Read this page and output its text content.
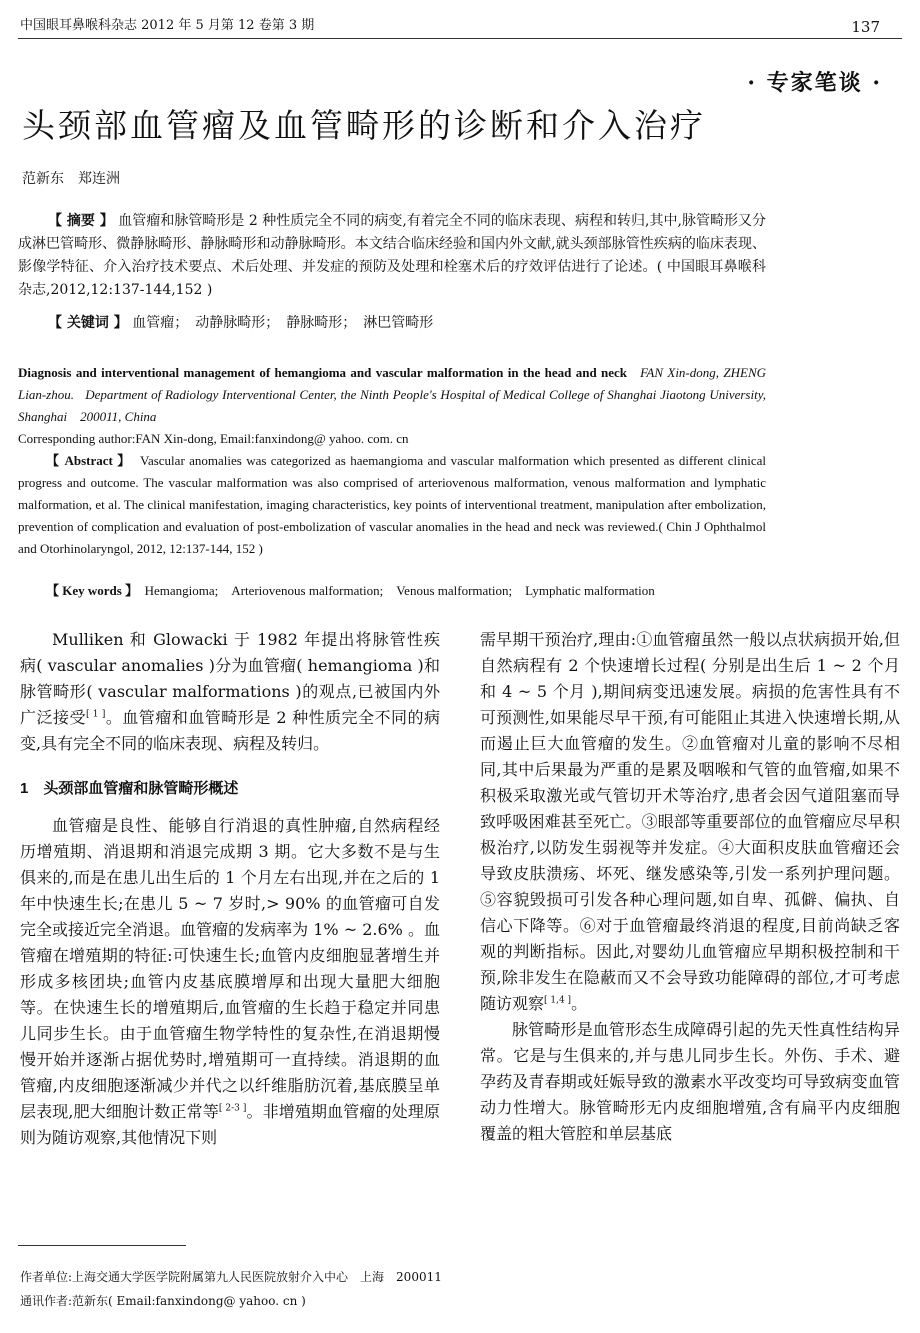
中国眼耳鼻喉科杂志 2012 年 5 月第 12 卷第 3 期	137
· 专家笔谈 ·
头颈部血管瘤及血管畸形的诊断和介入治疗
范新东　郑连洲
【 摘要 】 血管瘤和脉管畸形是 2 种性质完全不同的病变,有着完全不同的临床表现、病程和转归,其中,脉管畸形又分成淋巴管畸形、微静脉畸形、静脉畸形和动静脉畸形。本文结合临床经验和国内外文献,就头颈部脉管性疾病的临床表现、影像学特征、介入治疗技术要点、术后处理、并发症的预防及处理和栓塞术后的疗效评估进行了论述。( 中国眼耳鼻喉科杂志,2012,12:137-144,152 )
【 关键词 】 血管瘤；　动静脉畸形；　静脉畸形；　淋巴管畸形
Diagnosis and interventional management of hemangioma and vascular malformation in the head and neck FAN Xin-dong, ZHENG Lian-zhou. Department of Radiology Interventional Center, the Ninth People's Hospital of Medical College of Shanghai Jiaotong University, Shanghai　200011, China
Corresponding author:FAN Xin-dong, Email:fanxindong@ yahoo. com. cn
【 Abstract 】 Vascular anomalies was categorized as haemangioma and vascular malformation which presented as different clinical progress and outcome. The vascular malformation was also comprised of arteriovenous malformation, venous malformation and lymphatic malformation, et al. The clinical manifestation, imaging characteristics, key points of interventional treatment, manipulation after embolization, prevention of complication and evaluation of post-embolization of vascular anomalies in the head and neck was reviewed.( Chin J Ophthalmol and Otorhinolaryngol, 2012, 12:137-144, 152 )
【 Key words 】 Hemangioma;　Arteriovenous malformation;　Venous malformation;　Lymphatic malformation

Mulliken 和 Glowacki 于 1982 年提出将脉管性疾病( vascular anomalies )分为血管瘤( hemangioma )和脉管畸形( vascular malformations )的观点,已被国内外广泛接受[ 1 ]。血管瘤和血管畸形是 2 种性质完全不同的病变,具有完全不同的临床表现、病程及转归。

1　头颈部血管瘤和脉管畸形概述

血管瘤是良性、能够自行消退的真性肿瘤,自然病程经历增殖期、消退期和消退完成期 3 期。它大多数不是与生俱来的,而是在患儿出生后的 1 个月左右出现,并在之后的 1 年中快速生长;在患儿 5 ~ 7 岁时,> 90% 的血管瘤可自发完全或接近完全消退。血管瘤的发病率为 1% ~ 2.6% 。血管瘤在增殖期的特征:可快速生长;血管内皮细胞显著增生并形成多核团块;血管内皮基底膜增厚和出现大量肥大细胞等。在快速生长的增殖期后,血管瘤的生长趋于稳定并同患儿同步生长。由于血管瘤生物学特性的复杂性,在消退期慢慢开始并逐渐占据优势时,增殖期可一直持续。消退期的血管瘤,内皮细胞逐渐减少并代之以纤维脂肪沉着,基底膜呈单层表现,肥大细胞计数正常等[ 2-3 ]。非增殖期血管瘤的处理原则为随访观察,其他情况下则

需早期干预治疗,理由:①血管瘤虽然一般以点状病损开始,但自然病程有 2 个快速增长过程( 分别是出生后 1 ~ 2 个月和 4 ~ 5 个月 ),期间病变迅速发展。病损的危害性具有不可预测性,如果能尽早干预,有可能阻止其进入快速增长期,从而遏止巨大血管瘤的发生。②血管瘤对儿童的影响不尽相同,其中后果最为严重的是累及咽喉和气管的血管瘤,如果不积极采取激光或气管切开术等治疗,患者会因气道阻塞而导致呼吸困难甚至死亡。③眼部等重要部位的血管瘤应尽早积极治疗,以防发生弱视等并发症。④大面积皮肤血管瘤还会导致皮肤溃疡、坏死、继发感染等,引发一系列护理问题。⑤容貌毁损可引发各种心理问题,如自卑、孤僻、偏执、自信心下降等。⑥对于血管瘤最终消退的程度,目前尚缺乏客观的判断指标。因此,对婴幼儿血管瘤应早期积极控制和干预,除非发生在隐蔽而又不会导致功能障碍的部位,才可考虑随访观察[ 1,4 ]。

脉管畸形是血管形态生成障碍引起的先天性真性结构异常。它是与生俱来的,并与患儿同步生长。外伤、手术、避孕药及青春期或妊娠导致的激素水平改变均可导致病变血管动力性增大。脉管畸形无内皮细胞增殖,含有扁平内皮细胞覆盖的粗大管腔和单层基底

作者单位:上海交通大学医学院附属第九人民医院放射介入中心　上海　200011
通讯作者:范新东( Email:fanxindong@ yahoo. cn )
